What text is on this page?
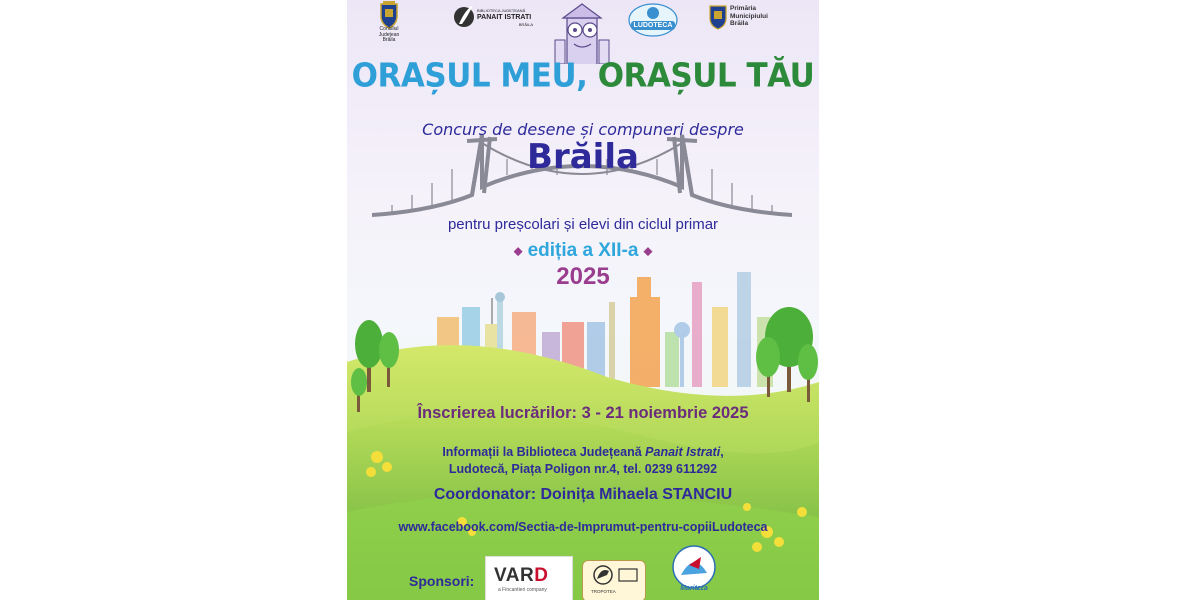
Consiliul Județean
Brăila
BIBLIOTECA JUDEȚEANĂ
PANAIT ISTRATI
BRĂILA	LUDOTECA
Primăria
Municipiului
Brăila
ORAȘUL MEU, ORAȘUL TĂU
Concurs de desene și compuneri despre
Brăila
pentru preșcolari și elevi din ciclul primar
◆ ediția a XII-a ◆
2025
Înscrierea lucrărilor: 3 - 21 noiembrie 2025
Informații la Biblioteca Județeană Panait Istrati,
Ludotecă, Piața Poligon nr.4, tel. 0239 611292
Coordonator: Doinița Mihaela STANCIU
www.facebook.com/Sectia-de-Imprumut-pentru-copiiLudoteca
Sponsori: VARD
a Fincantieri company	TROPOTEA	Maritzza
